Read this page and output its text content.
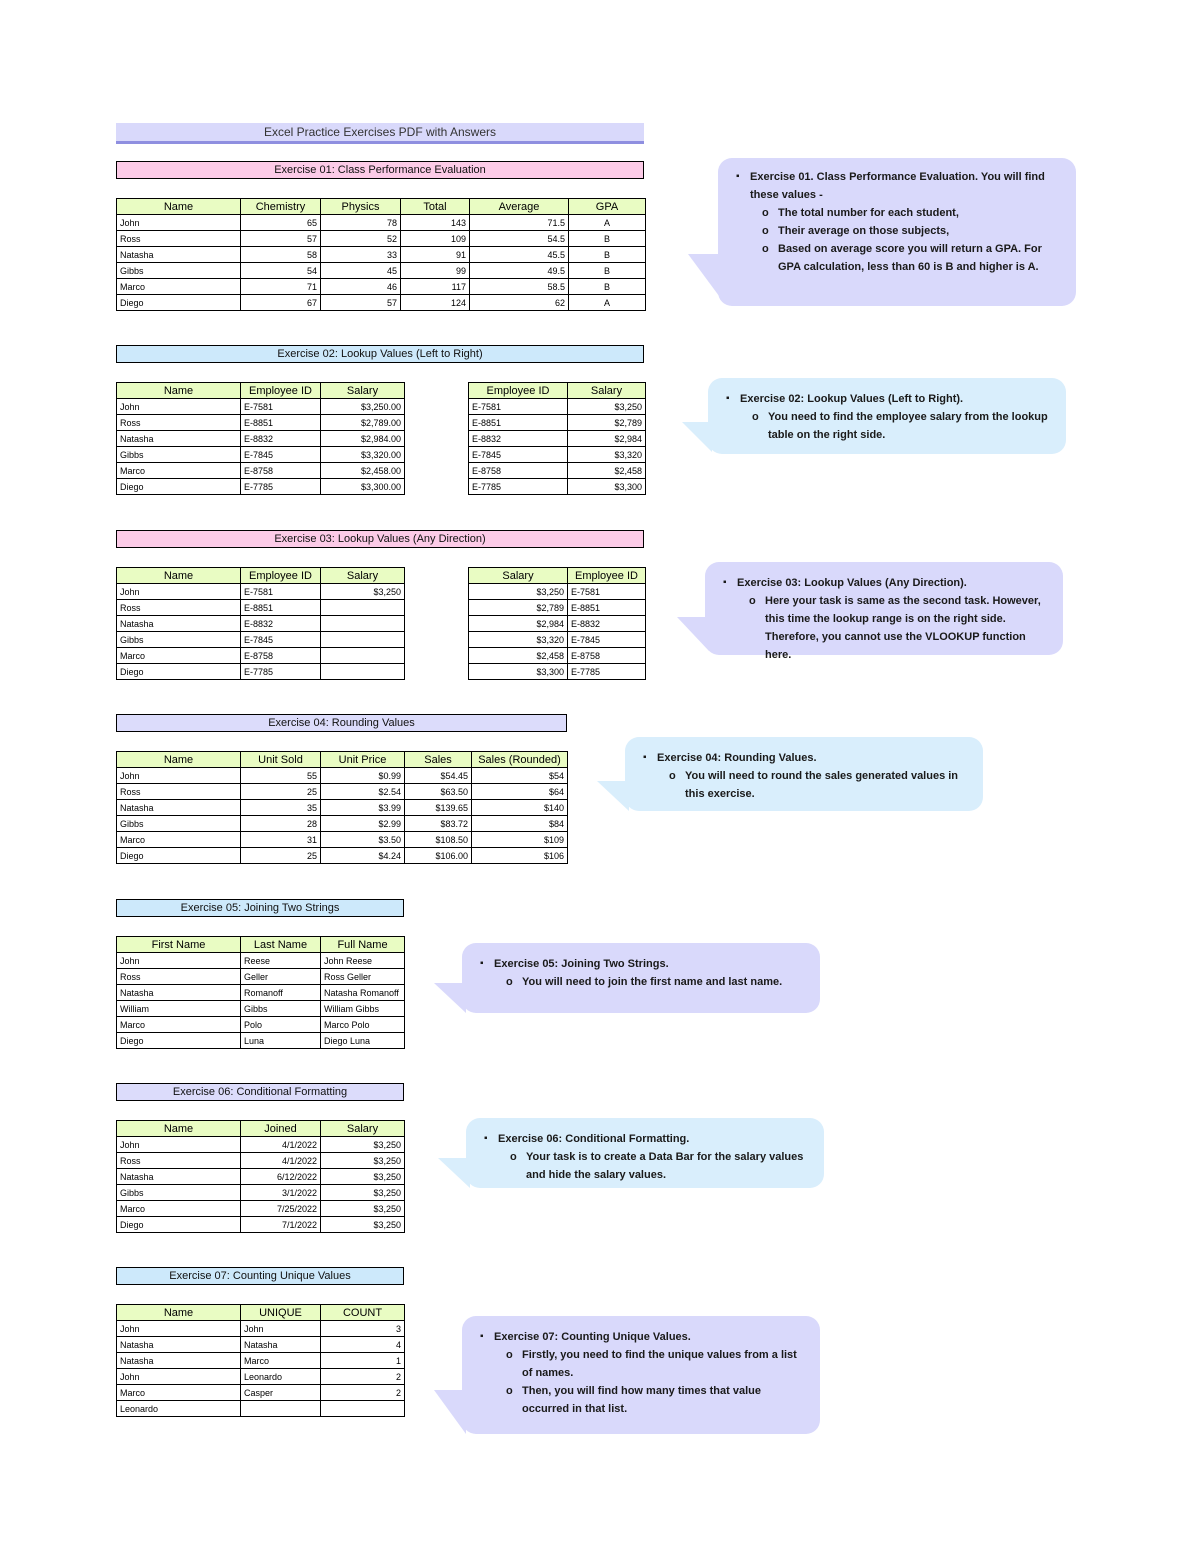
Excel Practice Exercises PDF with Answers
Exercise 01: Class Performance Evaluation
Name	Chemistry	Physics	Total	Average	GPA
John	65	78	143	71.5	A
Ross	57	52	109	54.5	B
Natasha	58	33	91	45.5	B
Gibbs	54	45	99	49.5	B
Marco	71	46	117	58.5	B
Diego	67	57	124	62	A
▪ Exercise 01. Class Performance Evaluation. You will find these values -
o The total number for each student,
o Their average on those subjects,
o Based on average score you will return a GPA. For GPA calculation, less than 60 is B and higher is A.
Exercise 02: Lookup Values (Left to Right)
Name	Employee ID	Salary
John	E-7581	$3,250.00
Ross	E-8851	$2,789.00
Natasha	E-8832	$2,984.00
Gibbs	E-7845	$3,320.00
Marco	E-8758	$2,458.00
Diego	E-7785	$3,300.00
Employee ID	Salary
E-7581	$3,250
E-8851	$2,789
E-8832	$2,984
E-7845	$3,320
E-8758	$2,458
E-7785	$3,300
▪ Exercise 02: Lookup Values (Left to Right).
o You need to find the employee salary from the lookup table on the right side.
Exercise 03: Lookup Values (Any Direction)
Name	Employee ID	Salary
John	E-7581	$3,250
Ross	E-8851	
Natasha	E-8832	
Gibbs	E-7845	
Marco	E-8758	
Diego	E-7785	
Salary	Employee ID
$3,250	E-7581
$2,789	E-8851
$2,984	E-8832
$3,320	E-7845
$2,458	E-8758
$3,300	E-7785
▪ Exercise 03: Lookup Values (Any Direction).
o Here your task is same as the second task. However, this time the lookup range is on the right side. Therefore, you cannot use the VLOOKUP function here.
Exercise 04: Rounding Values
Name	Unit Sold	Unit Price	Sales	Sales (Rounded)
John	55	$0.99	$54.45	$54
Ross	25	$2.54	$63.50	$64
Natasha	35	$3.99	$139.65	$140
Gibbs	28	$2.99	$83.72	$84
Marco	31	$3.50	$108.50	$109
Diego	25	$4.24	$106.00	$106
▪ Exercise 04: Rounding Values.
o You will need to round the sales generated values in this exercise.
Exercise 05: Joining Two Strings
First Name	Last Name	Full Name
John	Reese	John Reese
Ross	Geller	Ross Geller
Natasha	Romanoff	Natasha Romanoff
William	Gibbs	William Gibbs
Marco	Polo	Marco Polo
Diego	Luna	Diego Luna
▪ Exercise 05: Joining Two Strings.
o You will need to join the first name and last name.
Exercise 06: Conditional Formatting
Name	Joined	Salary
John	4/1/2022	$3,250
Ross	4/1/2022	$3,250
Natasha	6/12/2022	$3,250
Gibbs	3/1/2022	$3,250
Marco	7/25/2022	$3,250
Diego	7/1/2022	$3,250
▪ Exercise 06: Conditional Formatting.
o Your task is to create a Data Bar for the salary values and hide the salary values.
Exercise 07: Counting Unique Values
Name	UNIQUE	COUNT
John	John	3
Natasha	Natasha	4
Natasha	Marco	1
John	Leonardo	2
Marco	Casper	2
Leonardo		
▪ Exercise 07: Counting Unique Values.
o Firstly, you need to find the unique values from a list of names.
o Then, you will find how many times that value occurred in that list.
